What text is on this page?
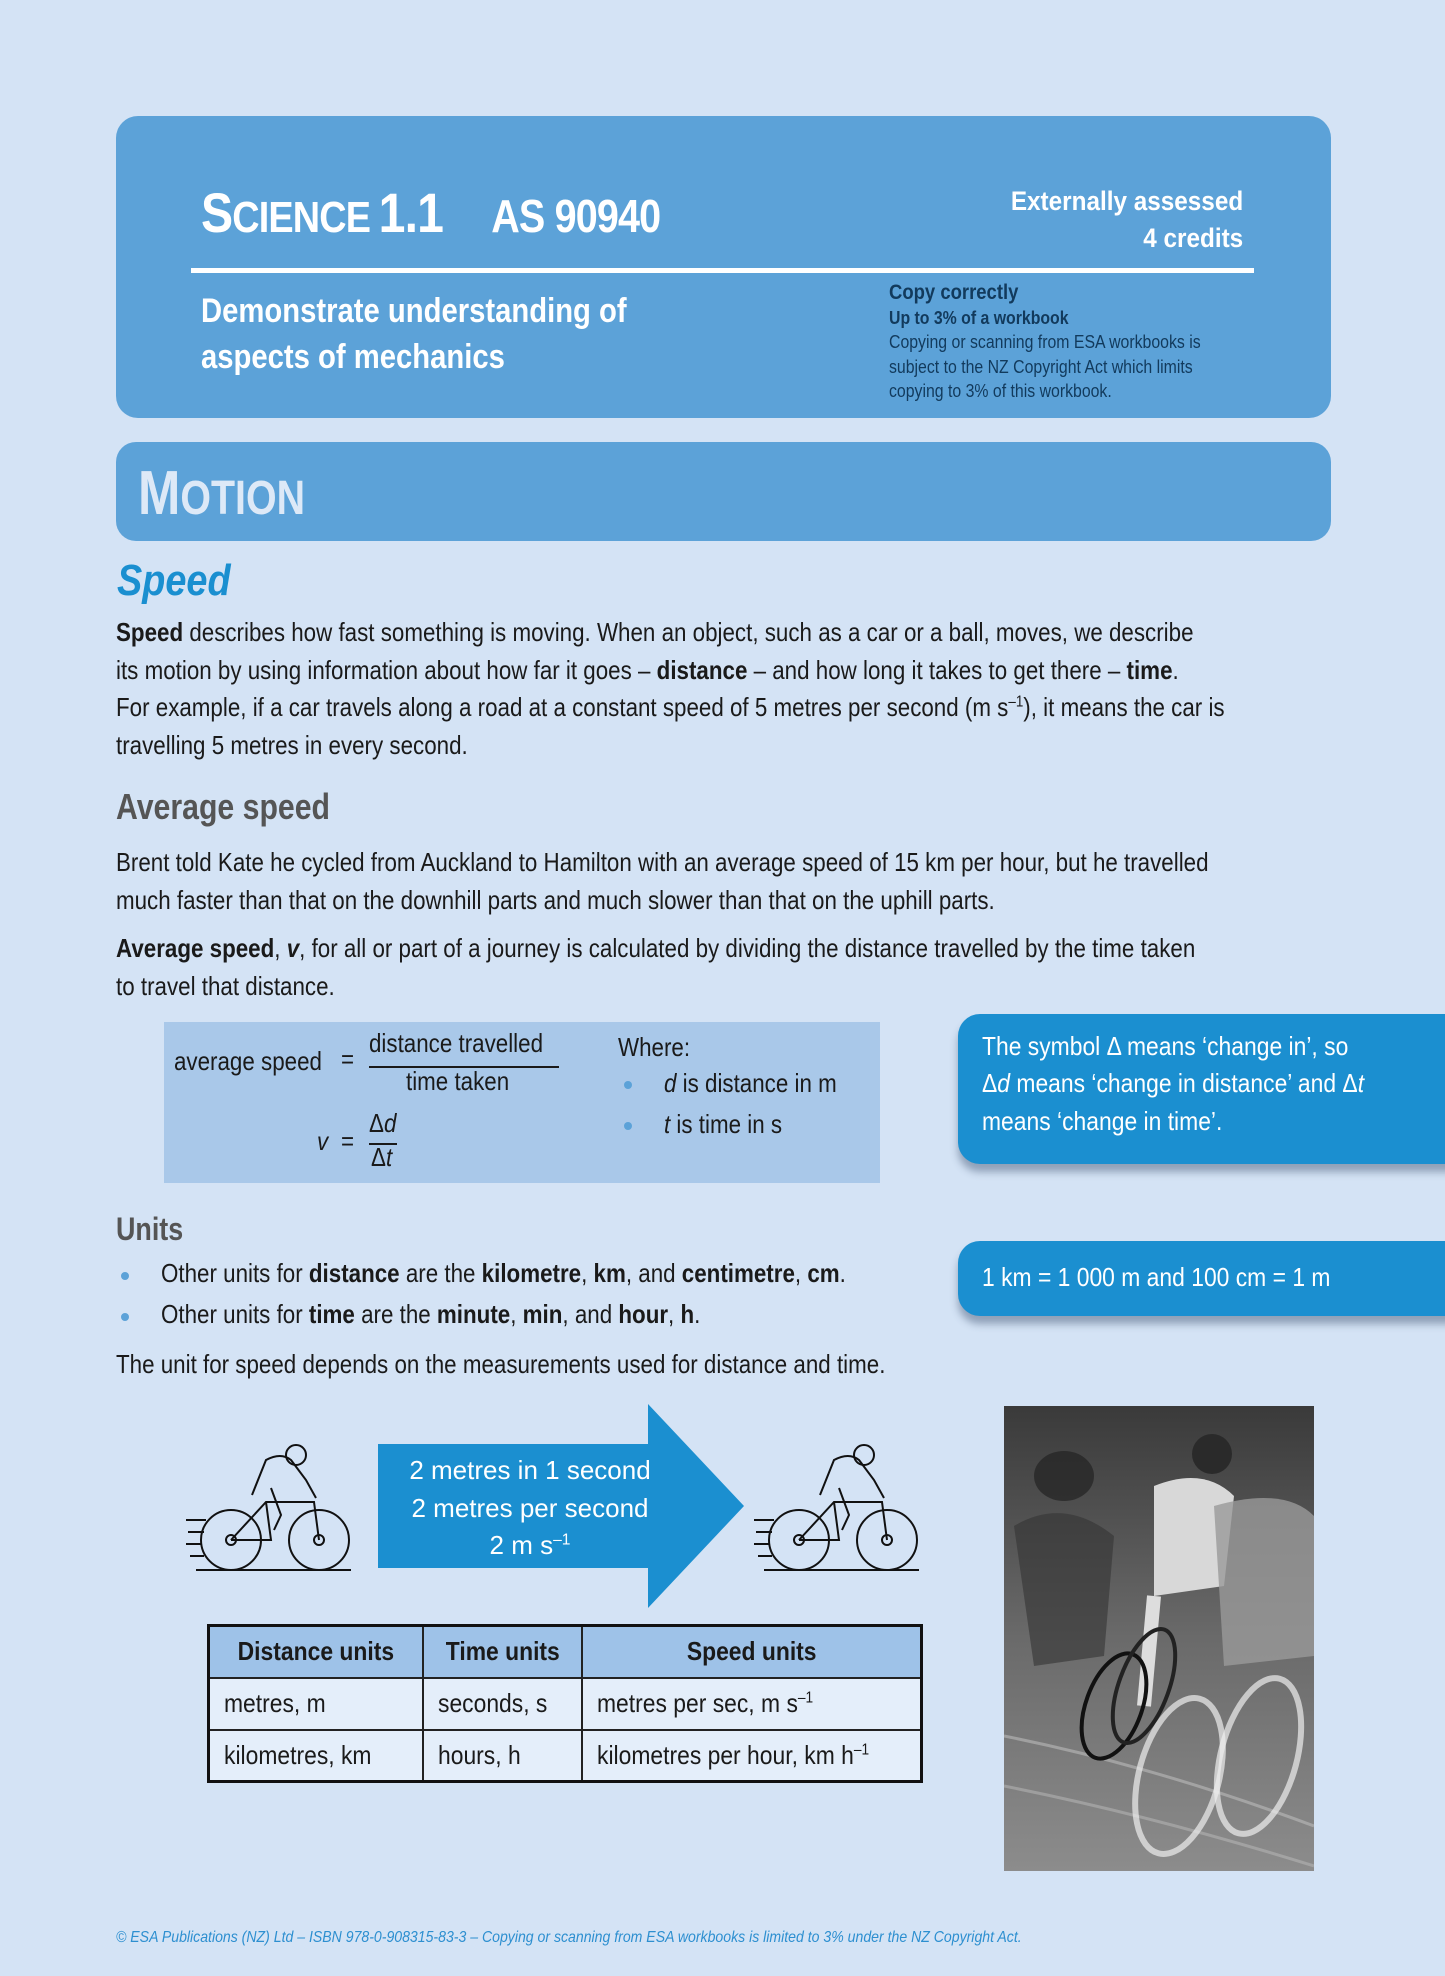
SCIENCE 1.1 AS 90940	Externally assessed
4 credits
Demonstrate understanding of
aspects of mechanics
Copy correctly
Up to 3% of a workbook
Copying or scanning from ESA workbooks is
subject to the NZ Copyright Act which limits
copying to 3% of this workbook.
MOTION
Speed
Speed describes how fast something is moving. When an object, such as a car or a ball, moves, we describe
its motion by using information about how far it goes – distance – and how long it takes to get there – time.
For example, if a car travels along a road at a constant speed of 5 metres per second (m $s^{-1}$), it means the car is
travelling 5 metres in every second.
Average speed
Brent told Kate he cycled from Auckland to Hamilton with an average speed of 15 km per hour, but he travelled
much faster than that on the downhill parts and much slower than that on the uphill parts.
Average speed, v, for all or part of a journey is calculated by dividing the distance travelled by the time taken
to travel that distance.
average speed =
distance travelled
time taken
v =
Δd
Δt
Where:
d is distance in m
t is time in s
The symbol Δ means ‘change in’, so
Δd means ‘change in distance’ and Δt
means ‘change in time’.
1 km = 1 000 m and 100 cm = 1 m
Units
Other units for distance are the kilometre, km, and centimetre, cm.
Other units for time are the minute, min, and hour, h.
The unit for speed depends on the measurements used for distance and time.
2 metres in 1 second
2 metres per second
2 m $s^{-1}$
Distance units	Time units	Speed units
metres, m	seconds, s	metres per sec, m $s^{-1}$
kilometres, km	hours, h	kilometres per hour, km $h^{-1}$
© ESA Publications (NZ) Ltd – ISBN 978-0-908315-83-3 – Copying or scanning from ESA workbooks is limited to 3% under the NZ Copyright Act.
